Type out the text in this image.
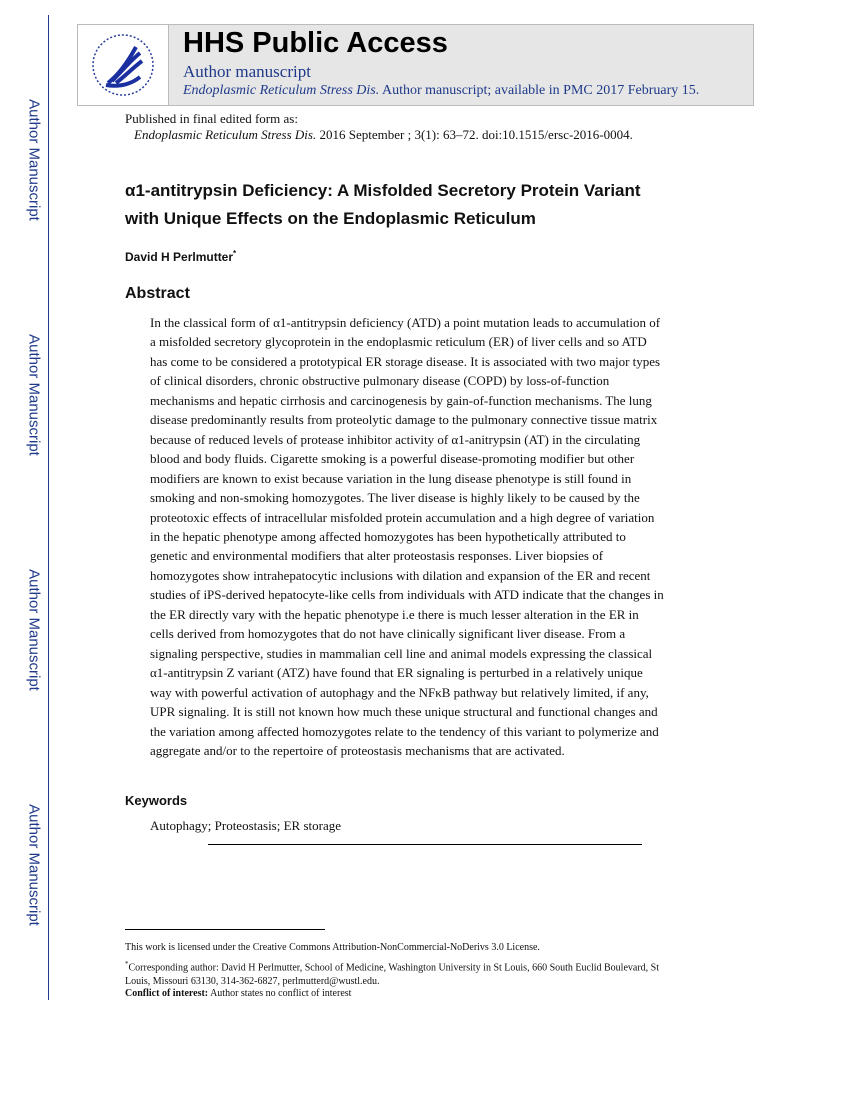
Author Manuscript
Author Manuscript
Author Manuscript
Author Manuscript
HHS Public Access
Author manuscript
Endoplasmic Reticulum Stress Dis. Author manuscript; available in PMC 2017 February 15.
Published in final edited form as:
Endoplasmic Reticulum Stress Dis. 2016 September ; 3(1): 63–72. doi:10.1515/ersc-2016-0004.
α1-antitrypsin Deficiency: A Misfolded Secretory Protein Variant
with Unique Effects on the Endoplasmic Reticulum
David H Perlmutter*
Abstract
In the classical form of α1-antitrypsin deficiency (ATD) a point mutation leads to accumulation of
a misfolded secretory glycoprotein in the endoplasmic reticulum (ER) of liver cells and so ATD
has come to be considered a prototypical ER storage disease. It is associated with two major types
of clinical disorders, chronic obstructive pulmonary disease (COPD) by loss-of-function
mechanisms and hepatic cirrhosis and carcinogenesis by gain-of-function mechanisms. The lung
disease predominantly results from proteolytic damage to the pulmonary connective tissue matrix
because of reduced levels of protease inhibitor activity of α1-anitrypsin (AT) in the circulating
blood and body fluids. Cigarette smoking is a powerful disease-promoting modifier but other
modifiers are known to exist because variation in the lung disease phenotype is still found in
smoking and non-smoking homozygotes. The liver disease is highly likely to be caused by the
proteotoxic effects of intracellular misfolded protein accumulation and a high degree of variation
in the hepatic phenotype among affected homozygotes has been hypothetically attributed to
genetic and environmental modifiers that alter proteostasis responses. Liver biopsies of
homozygotes show intrahepatocytic inclusions with dilation and expansion of the ER and recent
studies of iPS-derived hepatocyte-like cells from individuals with ATD indicate that the changes in
the ER directly vary with the hepatic phenotype i.e there is much lesser alteration in the ER in
cells derived from homozygotes that do not have clinically significant liver disease. From a
signaling perspective, studies in mammalian cell line and animal models expressing the classical
α1-antitrypsin Z variant (ATZ) have found that ER signaling is perturbed in a relatively unique
way with powerful activation of autophagy and the NFκB pathway but relatively limited, if any,
UPR signaling. It is still not known how much these unique structural and functional changes and
the variation among affected homozygotes relate to the tendency of this variant to polymerize and
aggregate and/or to the repertoire of proteostasis mechanisms that are activated.
Keywords
Autophagy; Proteostasis; ER storage
This work is licensed under the Creative Commons Attribution-NonCommercial-NoDerivs 3.0 License.
*Corresponding author: David H Perlmutter, School of Medicine, Washington University in St Louis, 660 South Euclid Boulevard, St
Louis, Missouri 63130, 314-362-6827, perlmutterd@wustl.edu.
Conflict of interest: Author states no conflict of interest
